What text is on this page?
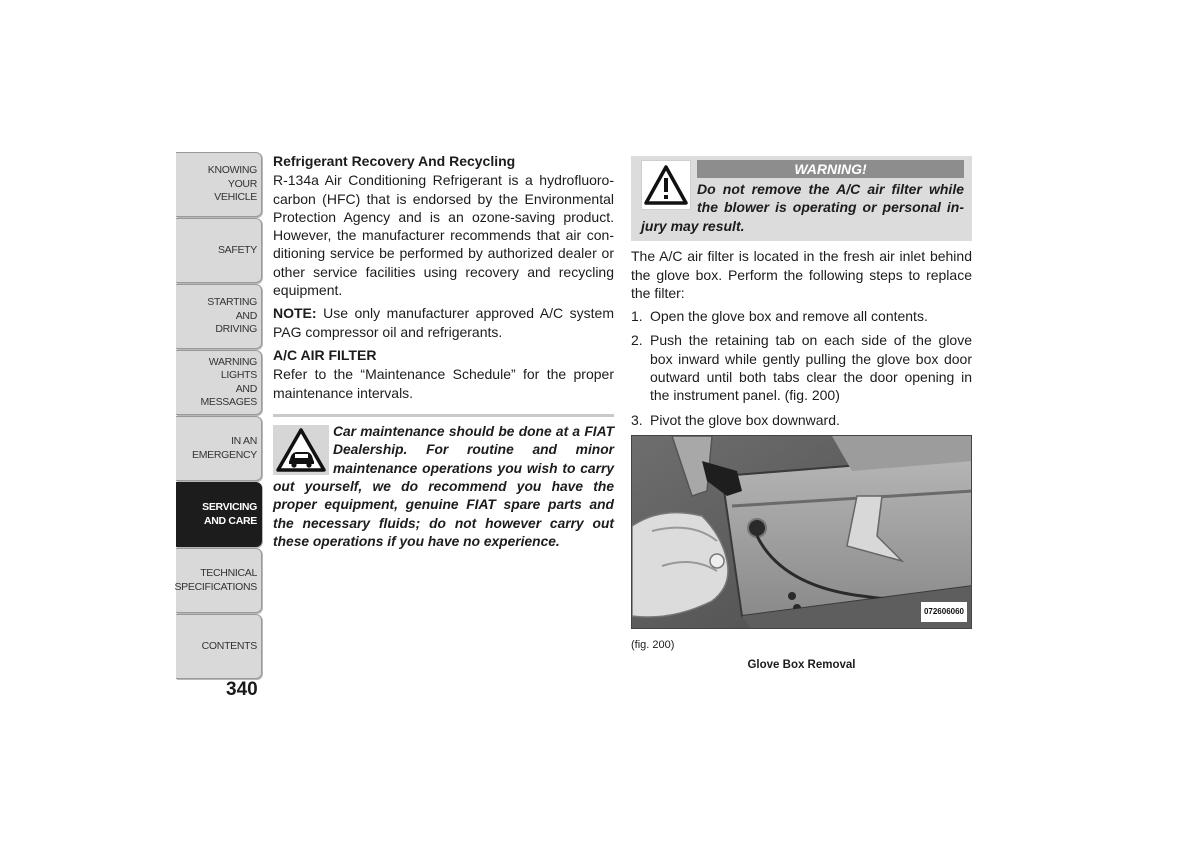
KNOWING
YOUR
VEHICLE
SAFETY
STARTING
AND
DRIVING
WARNING
LIGHTS
AND
MESSAGES
IN AN
EMERGENCY
SERVICING
AND CARE
TECHNICAL
SPECIFICATIONS
CONTENTS
340
Refrigerant Recovery And Recycling

R-134a Air Conditioning Refrigerant is a hydrofluoro-carbon (HFC) that is endorsed by the Environmental Protection Agency and is an ozone-saving product. However, the manufacturer recommends that air con-ditioning service be performed by authorized dealer or other service facilities using recovery and recycling equipment.

NOTE: Use only manufacturer approved A/C system PAG compressor oil and refrigerants.

A/C AIR FILTER

Refer to the “Maintenance Schedule” for the proper maintenance intervals.

Car maintenance should be done at a FIAT Dealership. For routine and minor maintenance operations you wish to carry out yourself, we do recommend you have the proper equipment, genuine FIAT spare parts and the necessary fluids; do not however carry out these operations if you have no experience.
WARNING!
Do not remove the A/C air filter while the blower is operating or personal in-jury may result.

The A/C air filter is located in the fresh air inlet behind the glove box. Perform the following steps to replace the filter:

1. Open the glove box and remove all contents.
2. Push the retaining tab on each side of the glove box inward while gently pulling the glove box door outward until both tabs clear the door opening in the instrument panel. (fig. 200)
3. Pivot the glove box downward.
072606060
(fig. 200)
Glove Box Removal
